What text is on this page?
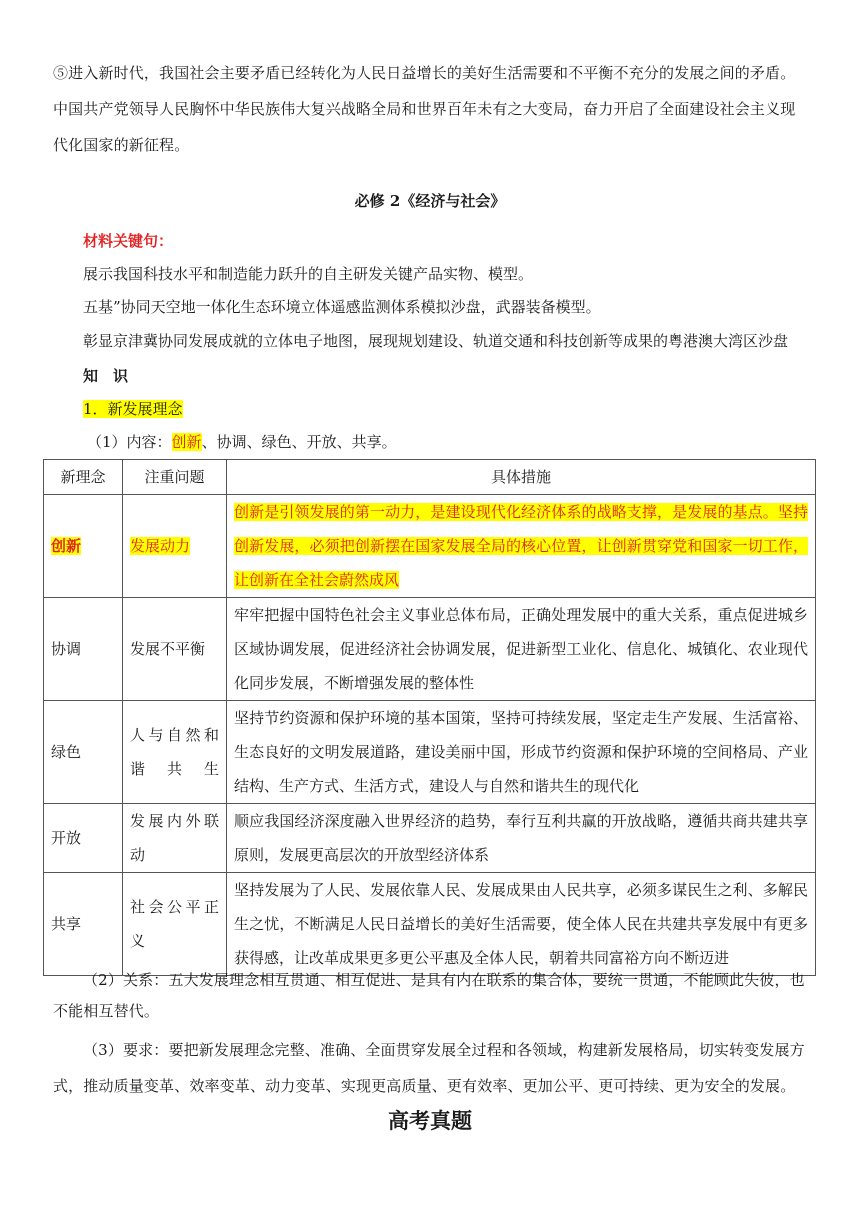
⑤进入新时代，我国社会主要矛盾已经转化为人民日益增长的美好生活需要和不平衡不充分的发展之间的矛盾。中国共产党领导人民胸怀中华民族伟大复兴战略全局和世界百年未有之大变局，奋力开启了全面建设社会主义现代化国家的新征程。
必修 2《经济与社会》
材料关键句：
展示我国科技水平和制造能力跃升的自主研发关键产品实物、模型。
五基”协同天空地一体化生态环境立体遥感监测体系模拟沙盘，武器装备模型。
彰显京津冀协同发展成就的立体电子地图，展现规划建设、轨道交通和科技创新等成果的粤港澳大湾区沙盘
知　识
1．新发展理念
（1）内容：创新、协调、绿色、开放、共享。
新理念	注重问题	具体措施
创新	发展动力	创新是引领发展的第一动力，是建设现代化经济体系的战略支撑，是发展的基点。坚持创新发展，必须把创新摆在国家发展全局的核心位置，让创新贯穿党和国家一切工作，让创新在全社会蔚然成风
协调	发展不平衡	牢牢把握中国特色社会主义事业总体布局，正确处理发展中的重大关系，重点促进城乡区域协调发展，促进经济社会协调发展，促进新型工业化、信息化、城镇化、农业现代化同步发展，不断增强发展的整体性
绿色	人与自然和谐共生	坚持节约资源和保护环境的基本国策，坚持可持续发展，坚定走生产发展、生活富裕、生态良好的文明发展道路，建设美丽中国，形成节约资源和保护环境的空间格局、产业结构、生产方式、生活方式，建设人与自然和谐共生的现代化
开放	发展内外联动	顺应我国经济深度融入世界经济的趋势，奉行互利共赢的开放战略，遵循共商共建共享原则，发展更高层次的开放型经济体系
共享	社会公平正义	坚持发展为了人民、发展依靠人民、发展成果由人民共享，必须多谋民生之利、多解民生之忧，不断满足人民日益增长的美好生活需要，使全体人民在共建共享发展中有更多获得感，让改革成果更多更公平惠及全体人民，朝着共同富裕方向不断迈进
（2）关系：五大发展理念相互贯通、相互促进、是具有内在联系的集合体，要统一贯通，不能顾此失彼，也不能相互替代。
（3）要求：要把新发展理念完整、准确、全面贯穿发展全过程和各领域，构建新发展格局，切实转变发展方式，推动质量变革、效率变革、动力变革、实现更高质量、更有效率、更加公平、更可持续、更为安全的发展。
高考真题
